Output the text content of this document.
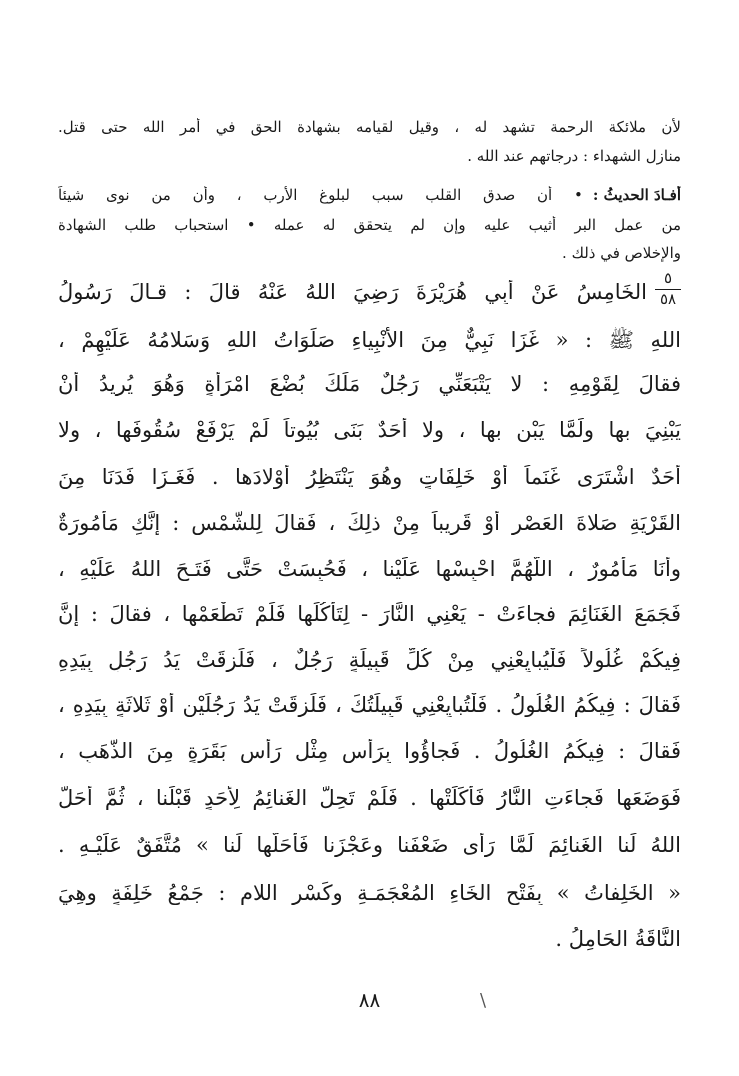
لأن ملائكة الرحمة تشهد له ، وقيل لقيامه بشهادة الحق في أمر الله حتى قتل.
منازل الشهداء : درجاتهم عند الله .
أفـادَ الحديثُ :
• أن صدق القلب سبب لبلوغ الأرب ، وأن من نوى شيئاً
من عمل البر أثيب عليه وإن لم يتحقق له عمله • استحباب طلب الشهادة
والإخلاص في ذلك .
٥
٥٨
الخَامِسُ عَنْ أَبِي هُرَيْرَةَ رَضِيَ اللهُ عَنْهُ قالَ : قـالَ رَسُولُ
اللهِ ﷺ : « غَزَا نَبِيٌّ مِنَ الأَنْبِياءِ صَلَوَاتُ اللهِ وَسَلامُهُ عَلَيْهِمْ ،
فقالَ لِقَوْمِهِ : لا يَتْبَعَنِّي رَجُلٌ مَلَكَ بُضْعَ امْرَأَةٍ وَهُوَ يُرِيدُ أَنْ
يَبْنِيَ بها ولَمَّا يَبْنِ بها ، ولا أَحَدٌ بَنَى بُيُوتاً لَمْ يَرْفَعْ سُقُوفَها ، ولا
أَحَدٌ اشْتَرَى غَنَماً أَوْ خَلِفَاتٍ وهُوَ يَنْتَظِرُ أَوْلادَها . فَغَـزَا فَدَنَا مِنَ
القَرْيَةِ صَلاةَ العَصْرِ أَوْ قَرِيباً مِنْ ذلِكَ ، فَقالَ لِلشَّمْسِ : إِنَّكِ مَأْمُورَةٌ
وأَنَا مَأْمُورٌ ، اللَّهُمَّ احْبِسْها عَلَيْنا ، فَحُبِسَتْ حَتَّى فَتَـحَ اللهُ عَلَيْهِ ،
فَجَمَعَ الغَنَائِمَ فجاءَتْ - يَعْنِي النَّارَ - لِتَأْكُلَها فَلَمْ تَطْعَمْها ، فقالَ : إِنَّ
فِيكُمْ غُلُولاً فَلْيُبايِعْنِي مِنْ كُلِّ قَبِيلَةٍ رَجُلٌ ، فَلَزِقَتْ يَدُ رَجُلٍ بِيَدِهِ
فَقالَ : فِيكُمُ الغُلُولُ . فَلْتُبايِعْنِي قَبِيلَتُكَ ، فَلَزِقَتْ يَدُ رَجُلَيْنِ أَوْ ثَلاثَةٍ بِيَدِهِ ،
فَقالَ : فِيكُمُ الغُلُولُ . فَجاؤُوا بِرَأْسٍ مِثْلِ رَأْسِ بَقَرَةٍ مِنَ الذَّهَبِ ،
فَوَضَعَها فَجاءَتِ النَّارُ فَأَكَلَتْها . فَلَمْ تَحِلَّ الغَنائِمُ لِأَحَدٍ قَبْلَنا ، ثُمَّ أَحَلَّ
اللهُ لَنا الغَنائِمَ لَمَّا رَأَى ضَعْفَنا وعَجْزَنا فَأَحَلَّها لَنا » مُتَّفَقٌ عَلَيْـهِ .
« الخَلِفاتُ » بِفَتْحِ الخَاءِ المُعْجَمَـةِ وكَسْرِ اللامِ : جَمْعُ خَلِفَةٍ وهِيَ
النَّاقَةُ الحَامِلُ .
٨٨	\
